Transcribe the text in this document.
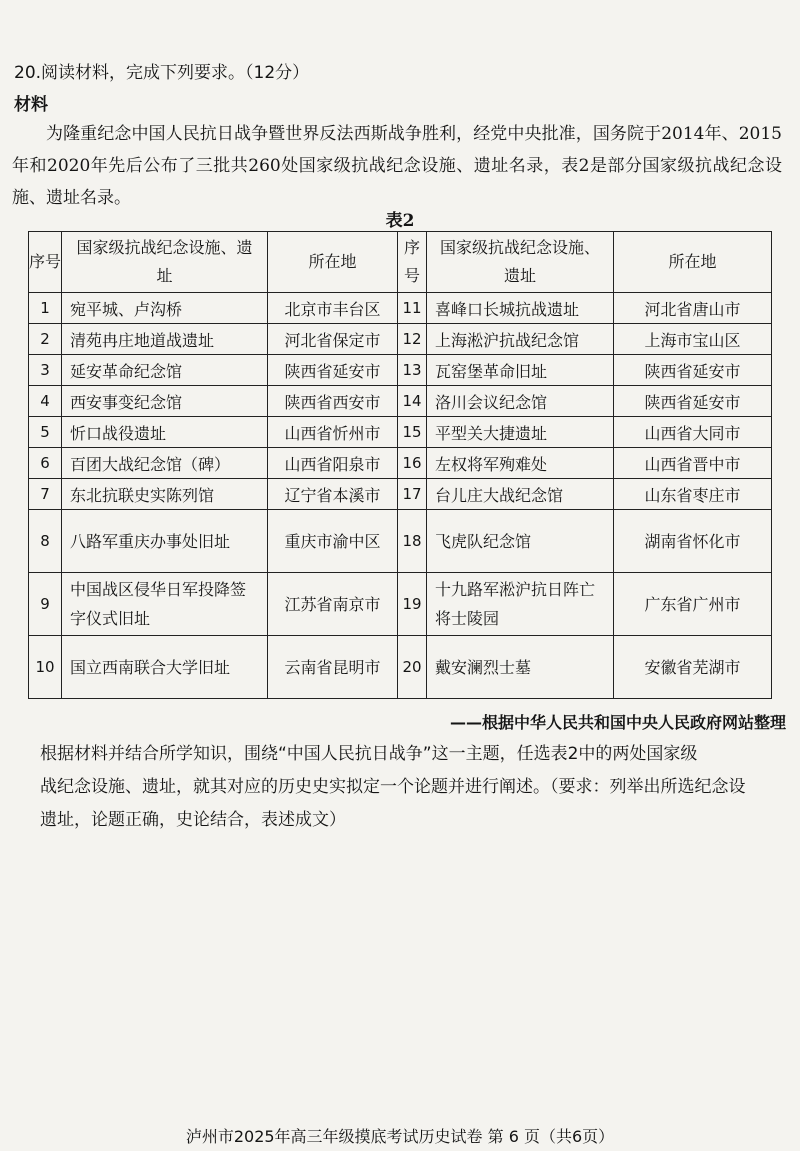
20.阅读材料，完成下列要求。（12分）
材料
为隆重纪念中国人民抗日战争暨世界反法西斯战争胜利，经党中央批准，国务院于2014年、2015年和2020年先后公布了三批共260处国家级抗战纪念设施、遗址名录，表2是部分国家级抗战纪念设施、遗址名录。
表2
序号	国家级抗战纪念设施、遗址	所在地	序号	国家级抗战纪念设施、遗址	所在地
1	宛平城、卢沟桥	北京市丰台区	11	喜峰口长城抗战遗址	河北省唐山市
2	清苑冉庄地道战遗址	河北省保定市	12	上海淞沪抗战纪念馆	上海市宝山区
3	延安革命纪念馆	陕西省延安市	13	瓦窑堡革命旧址	陕西省延安市
4	西安事变纪念馆	陕西省西安市	14	洛川会议纪念馆	陕西省延安市
5	忻口战役遗址	山西省忻州市	15	平型关大捷遗址	山西省大同市
6	百团大战纪念馆（碑）	山西省阳泉市	16	左权将军殉难处	山西省晋中市
7	东北抗联史实陈列馆	辽宁省本溪市	17	台儿庄大战纪念馆	山东省枣庄市
8	八路军重庆办事处旧址	重庆市渝中区	18	飞虎队纪念馆	湖南省怀化市
9	中国战区侵华日军投降签字仪式旧址	江苏省南京市	19	十九路军淞沪抗日阵亡将士陵园	广东省广州市
10	国立西南联合大学旧址	云南省昆明市	20	戴安澜烈士墓	安徽省芜湖市
——根据中华人民共和国中央人民政府网站整理

根据材料并结合所学知识，围绕“中国人民抗日战争”这一主题，任选表2中的两处国家级

战纪念设施、遗址，就其对应的历史史实拟定一个论题并进行阐述。（要求：列举出所选纪念设

遗址，论题正确，史论结合，表述成文）

泸州市2025年高三年级摸底考试历史试卷 第 6 页（共6页）
